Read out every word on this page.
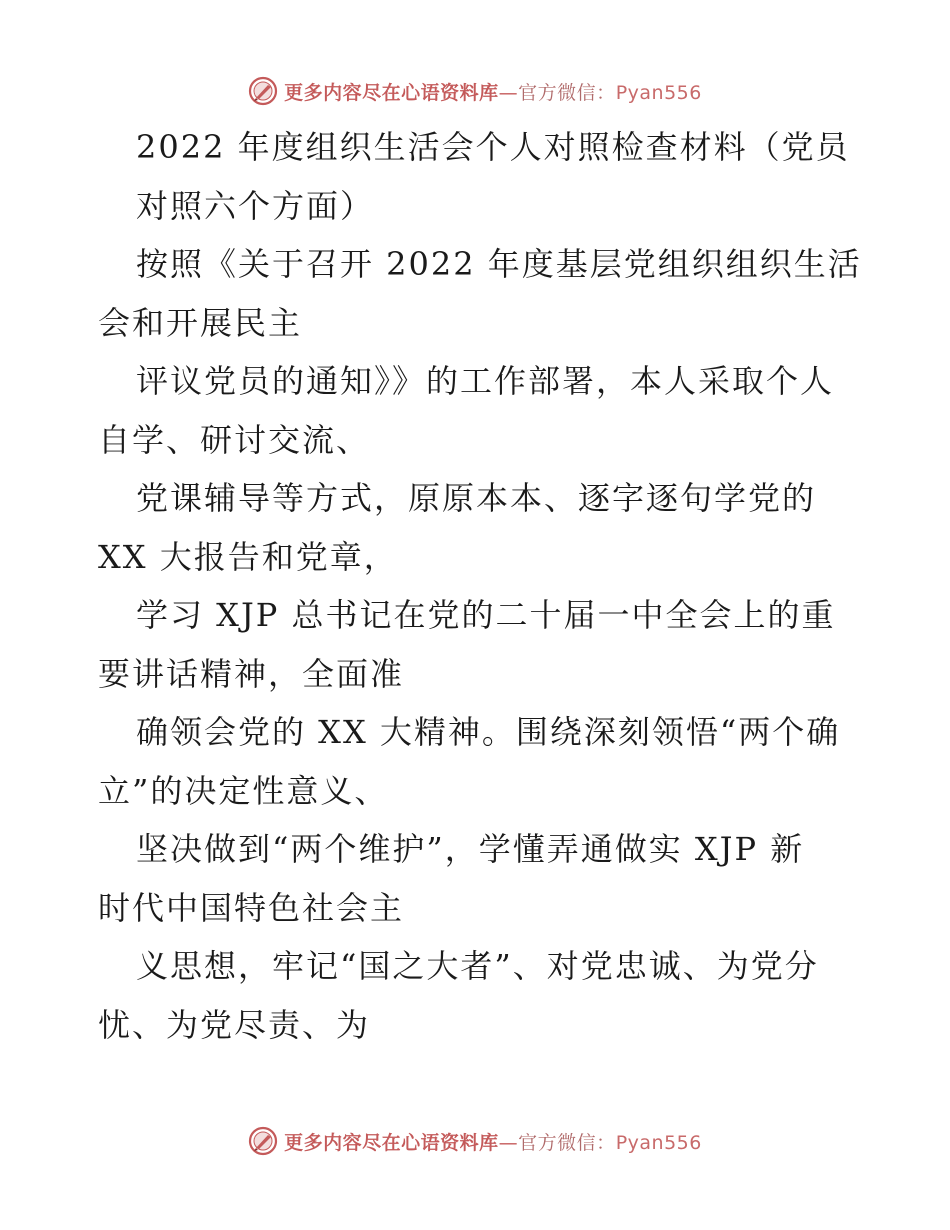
更多内容尽在心语资料库—官方微信：Pyan556
2022 年度组织生活会个人对照检查材料（党员
对照六个方面）
按照《关于召开 2022 年度基层党组织组织生活
会和开展民主
评议党员的通知》》的工作部署，本人采取个人
自学、研讨交流、
党课辅导等方式，原原本本、逐字逐句学党的
XX 大报告和党章，
学习 XJP 总书记在党的二十届一中全会上的重
要讲话精神，全面准
确领会党的 XX 大精神。围绕深刻领悟“两个确
立”的决定性意义、
坚决做到“两个维护”，学懂弄通做实 XJP 新
时代中国特色社会主
义思想，牢记“国之大者”、对党忠诚、为党分
忧、为党尽责、为
更多内容尽在心语资料库—官方微信：Pyan556
